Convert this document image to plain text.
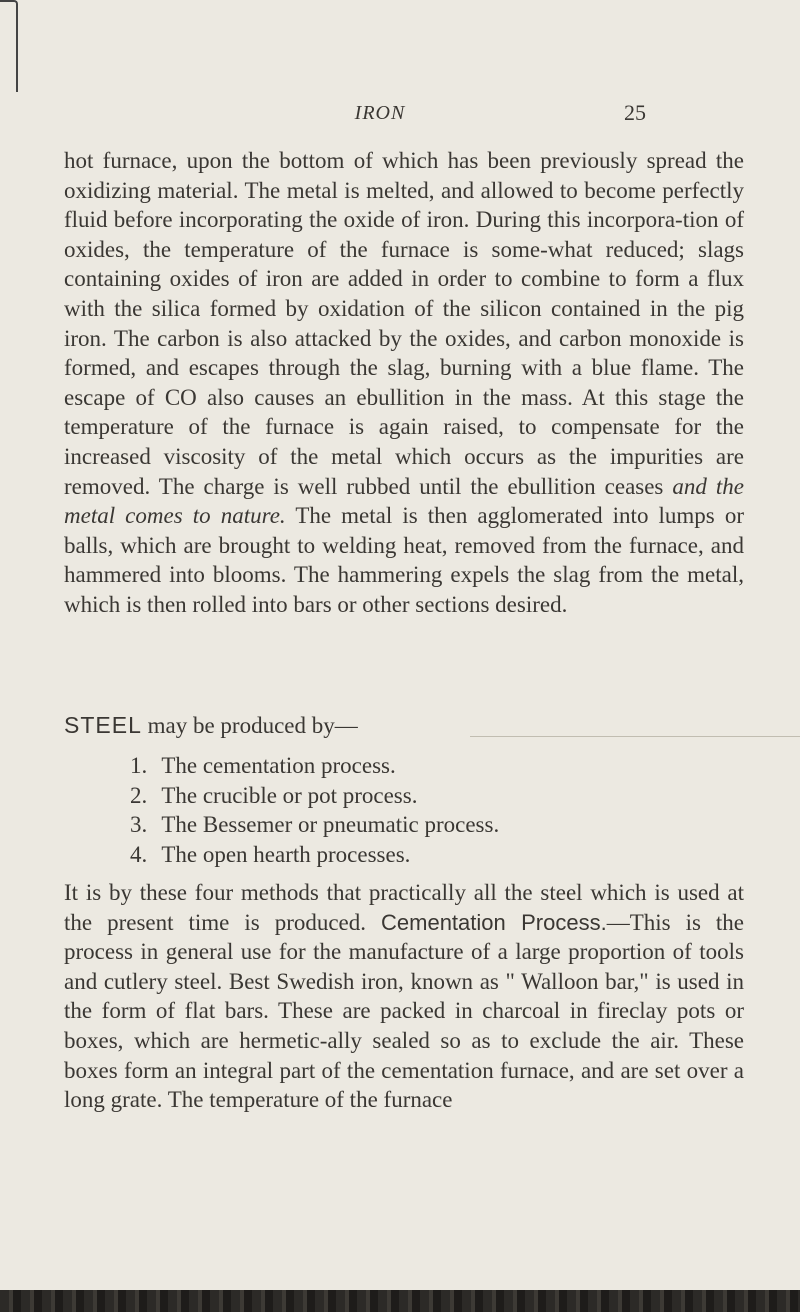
IRON	25

hot furnace, upon the bottom of which has been previously spread the oxidizing material. The metal is melted, and allowed to become perfectly fluid before incorporating the oxide of iron. During this incorpora-tion of oxides, the temperature of the furnace is some-what reduced; slags containing oxides of iron are added in order to combine to form a flux with the silica formed by oxidation of the silicon contained in the pig iron. The carbon is also attacked by the oxides, and carbon monoxide is formed, and escapes through the slag, burning with a blue flame. The escape of CO also causes an ebullition in the mass. At this stage the temperature of the furnace is again raised, to compensate for the increased viscosity of the metal which occurs as the impurities are removed. The charge is well rubbed until the ebullition ceases and the metal comes to nature. The metal is then agglomerated into lumps or balls, which are brought to welding heat, removed from the furnace, and hammered into blooms. The hammering expels the slag from the metal, which is then rolled into bars or other sections desired.

STEEL may be produced by—
1. The cementation process.
2. The crucible or pot process.
3. The Bessemer or pneumatic process.
4. The open hearth processes.

It is by these four methods that practically all the steel which is used at the present time is produced. Cementation Process.—This is the process in general use for the manufacture of a large proportion of tools and cutlery steel. Best Swedish iron, known as " Walloon bar," is used in the form of flat bars. These are packed in charcoal in fireclay pots or boxes, which are hermetic-ally sealed so as to exclude the air. These boxes form an integral part of the cementation furnace, and are set over a long grate. The temperature of the furnace
